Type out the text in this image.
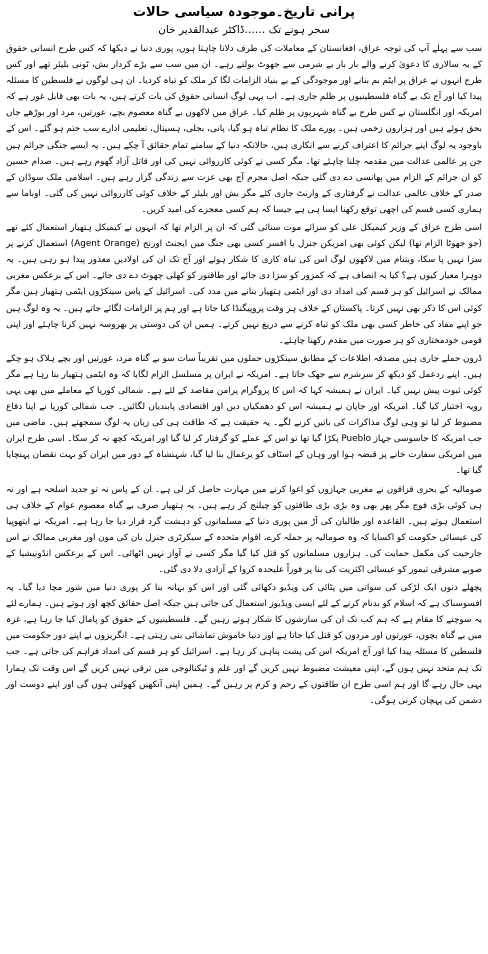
پرانی تاریخ۔موجودہ سیاسی حالات
سحر ہونے تک ……ڈاکٹر عبدالقدیر خان

سب سے پہلے آپ کی توجہ عراق، افغانستان کے معاملات کی طرف دلانا چاہتا ہوں، پوری دنیا نے دیکھا کہ کس طرح انسانی حقوق کے یہ سالاری کا دعویٰ کرنے والے بار بار بے شرمی سے جھوٹ بولتے رہے۔ ان میں سب سے بڑے کردار بش، ٹونی بلیئر تھے اور کس طرح انہوں نے عراق پر ایٹم بم بنانے اور موجودگی کے بے بنیاد الزامات لگا کر ملک کو تباہ کردیا۔ ان ہی لوگوں نے فلسطین کا مسئلہ پیدا کیا اور آج تک بے گناہ فلسطینیوں پر ظلم جاری ہے۔ اب یہی لوگ انسانی حقوق کی بات کرتے ہیں، یہ بات بھی قابل غور ہے کہ امریکہ اور انگلستان نے کس طرح بے گناہ شہریوں پر ظلم کیا۔ عراق میں لاکھوں بے گناہ معصوم بچے، عورتیں، مرد اور بوڑھے جاں بحق ہوئے ہیں اور ہزاروں زخمی ہیں۔ پورے ملک کا نظام تباہ ہو گیا، پانی، بجلی، ہسپتال، تعلیمی ادارے سب ختم ہو گئے۔ اس کے باوجود یہ لوگ اپنے جرائم کا اعتراف کرنے سے انکاری ہیں، حالانکہ دنیا کے سامنے تمام حقائق آ چکے ہیں۔ یہ ایسے جنگی جرائم ہیں جن پر عالمی عدالت میں مقدمہ چلنا چاہئے تھا۔ مگر کسی نے کوئی کارروائی نہیں کی اور قاتل آزاد گھوم رہے ہیں۔ صدام حسین کو ان جرائم کے الزام میں پھانسی دے دی گئی جبکہ اصل مجرم آج بھی عزت سے زندگی گزار رہے ہیں۔ اسلامی ملک سوڈان کے صدر کے خلاف عالمی عدالت نے گرفتاری کے وارنٹ جاری کئے مگر بش اور بلیئر کے خلاف کوئی کارروائی نہیں کی گئی۔ اوباما سے ہماری کسی قسم کی اچھی توقع رکھنا ایسا ہی ہے جیسا کہ ہم کسی معجزے کی امید کریں۔

اسی طرح عراق کے وزیر کیمیکل علی کو سزائے موت سنائی گئی کہ ان پر الزام تھا کہ انہوں نے کیمیکل ہتھیار استعمال کئے تھے (جو جھوٹا الزام تھا) لیکن کوئی بھی امریکن جنرل یا افسر کسی بھی جنگ میں ایجنٹ اورنج (Agent Orange) استعمال کرنے پر سزا نہیں پا سکا، ویتنام میں لاکھوں لوگ اس کی تباہ کاری کا شکار ہوئے اور آج تک ان کی اولادیں معذور پیدا ہو رہی ہیں۔ یہ دوہرا معیار کیوں ہے؟ کیا یہ انصاف ہے کہ کمزور کو سزا دی جائے اور طاقتور کو کھلی چھوٹ دے دی جائے۔ اس کے برعکس مغربی ممالک نے اسرائیل کو ہر قسم کی امداد دی اور ایٹمی ہتھیار بنانے میں مدد کی۔ اسرائیل کے پاس سینکڑوں ایٹمی ہتھیار ہیں مگر کوئی اس کا ذکر بھی نہیں کرتا۔ پاکستان کے خلاف ہر وقت پروپیگنڈا کیا جاتا ہے اور ہم پر الزامات لگائے جاتے ہیں۔ یہ وہ لوگ ہیں جو اپنے مفاد کی خاطر کسی بھی ملک کو تباہ کرنے سے دریغ نہیں کرتے۔ ہمیں ان کی دوستی پر بھروسہ نہیں کرنا چاہئے اور اپنی قومی خودمختاری کو ہر صورت میں مقدم رکھنا چاہئے۔

ڈرون حملے جاری ہیں مصدقہ اطلاعات کے مطابق سینکڑوں حملوں میں تقریباً سات سو بے گناہ مرد، عورتیں اور بچے ہلاک ہو چکے ہیں۔ اپنے ردعمل کو دیکھ کر سرشرم سے جھک جاتا ہے۔ امریکہ نے ایران پر مسلسل الزام لگایا کہ وہ ایٹمی ہتھیار بنا رہا ہے مگر کوئی ثبوت پیش نہیں کیا۔ ایران نے ہمیشہ کہا کہ اس کا پروگرام پرامن مقاصد کے لئے ہے۔ شمالی کوریا کے معاملے میں بھی یہی رویہ اختیار کیا گیا۔ امریکہ اور جاپان نے ہمیشہ اس کو دھمکیاں دیں اور اقتصادی پابندیاں لگائیں۔ جب شمالی کوریا نے اپنا دفاع مضبوط کر لیا تو وہی لوگ مذاکرات کی باتیں کرنے لگے۔ یہ حقیقت ہے کہ طاقت ہی کی زبان یہ لوگ سمجھتے ہیں۔ ماضی میں جب امریکہ کا جاسوسی جہاز Pueblo پکڑا گیا تھا تو اس کے عملے کو گرفتار کر لیا گیا اور امریکہ کچھ نہ کر سکا۔ اسی طرح ایران میں امریکی سفارت خانے پر قبضہ ہوا اور وہاں کے اسٹاف کو یرغمال بنا لیا گیا، شہنشاہ کے دور میں ایران کو بہت نقصان پہنچایا گیا تھا۔

صومالیہ کے بحری قزاقوں نے مغربی جہازوں کو اغوا کرنے میں مہارت حاصل کر لی ہے۔ ان کے پاس نہ تو جدید اسلحہ ہے اور نہ ہی کوئی بڑی فوج مگر پھر بھی وہ بڑی بڑی طاقتوں کو چیلنج کر رہے ہیں۔ یہ ہتھیار صرف بے گناہ معصوم عوام کے خلاف ہی استعمال ہوتے ہیں۔ القاعدہ اور طالبان کی آڑ میں پوری دنیا کے مسلمانوں کو دہشت گرد قرار دیا جا رہا ہے۔ امریکہ نے ایتھوپیا کی عیسائی حکومت کو اکسایا کہ وہ صومالیہ پر حملہ کرے، اقوام متحدہ کے سیکرٹری جنرل بان کی مون اور مغربی ممالک نے اس جارحیت کی مکمل حمایت کی۔ ہزاروں مسلمانوں کو قتل کیا گیا مگر کسی نے آواز نہیں اٹھائی۔ اس کے برعکس انڈونیشیا کے صوبے مشرقی تیمور کو عیسائی اکثریت کی بنا پر فوراً علیحدہ کروا کے آزادی دلا دی گئی۔

پچھلے دنوں ایک لڑکی کی سواتی میں پٹائی کی ویڈیو دکھائی گئی اور اس کو بہانہ بنا کر پوری دنیا میں شور مچا دیا گیا۔ یہ افسوسناک ہے کہ اسلام کو بدنام کرنے کے لئے ایسی ویڈیوز استعمال کی جاتی ہیں جبکہ اصل حقائق کچھ اور ہوتے ہیں۔ ہمارے لئے یہ سوچنے کا مقام ہے کہ ہم کب تک ان کی سازشوں کا شکار ہوتے رہیں گے۔ فلسطینیوں کے حقوق کو پامال کیا جا رہا ہے، غزہ میں بے گناہ بچوں، عورتوں اور مردوں کو قتل کیا جاتا ہے اور دنیا خاموش تماشائی بنی رہتی ہے۔ انگریزوں نے اپنے دور حکومت میں فلسطین کا مسئلہ پیدا کیا اور آج امریکہ اس کی پشت پناہی کر رہا ہے۔ اسرائیل کو ہر قسم کی امداد فراہم کی جاتی ہے۔ جب تک ہم متحد نہیں ہوں گے، اپنی معیشت مضبوط نہیں کریں گے اور علم و ٹیکنالوجی میں ترقی نہیں کریں گے اس وقت تک ہمارا یہی حال رہے گا اور ہم اسی طرح ان طاقتوں کے رحم و کرم پر رہیں گے۔ ہمیں اپنی آنکھیں کھولنی ہوں گی اور اپنے دوست اور دشمن کی پہچان کرنی ہوگی۔
